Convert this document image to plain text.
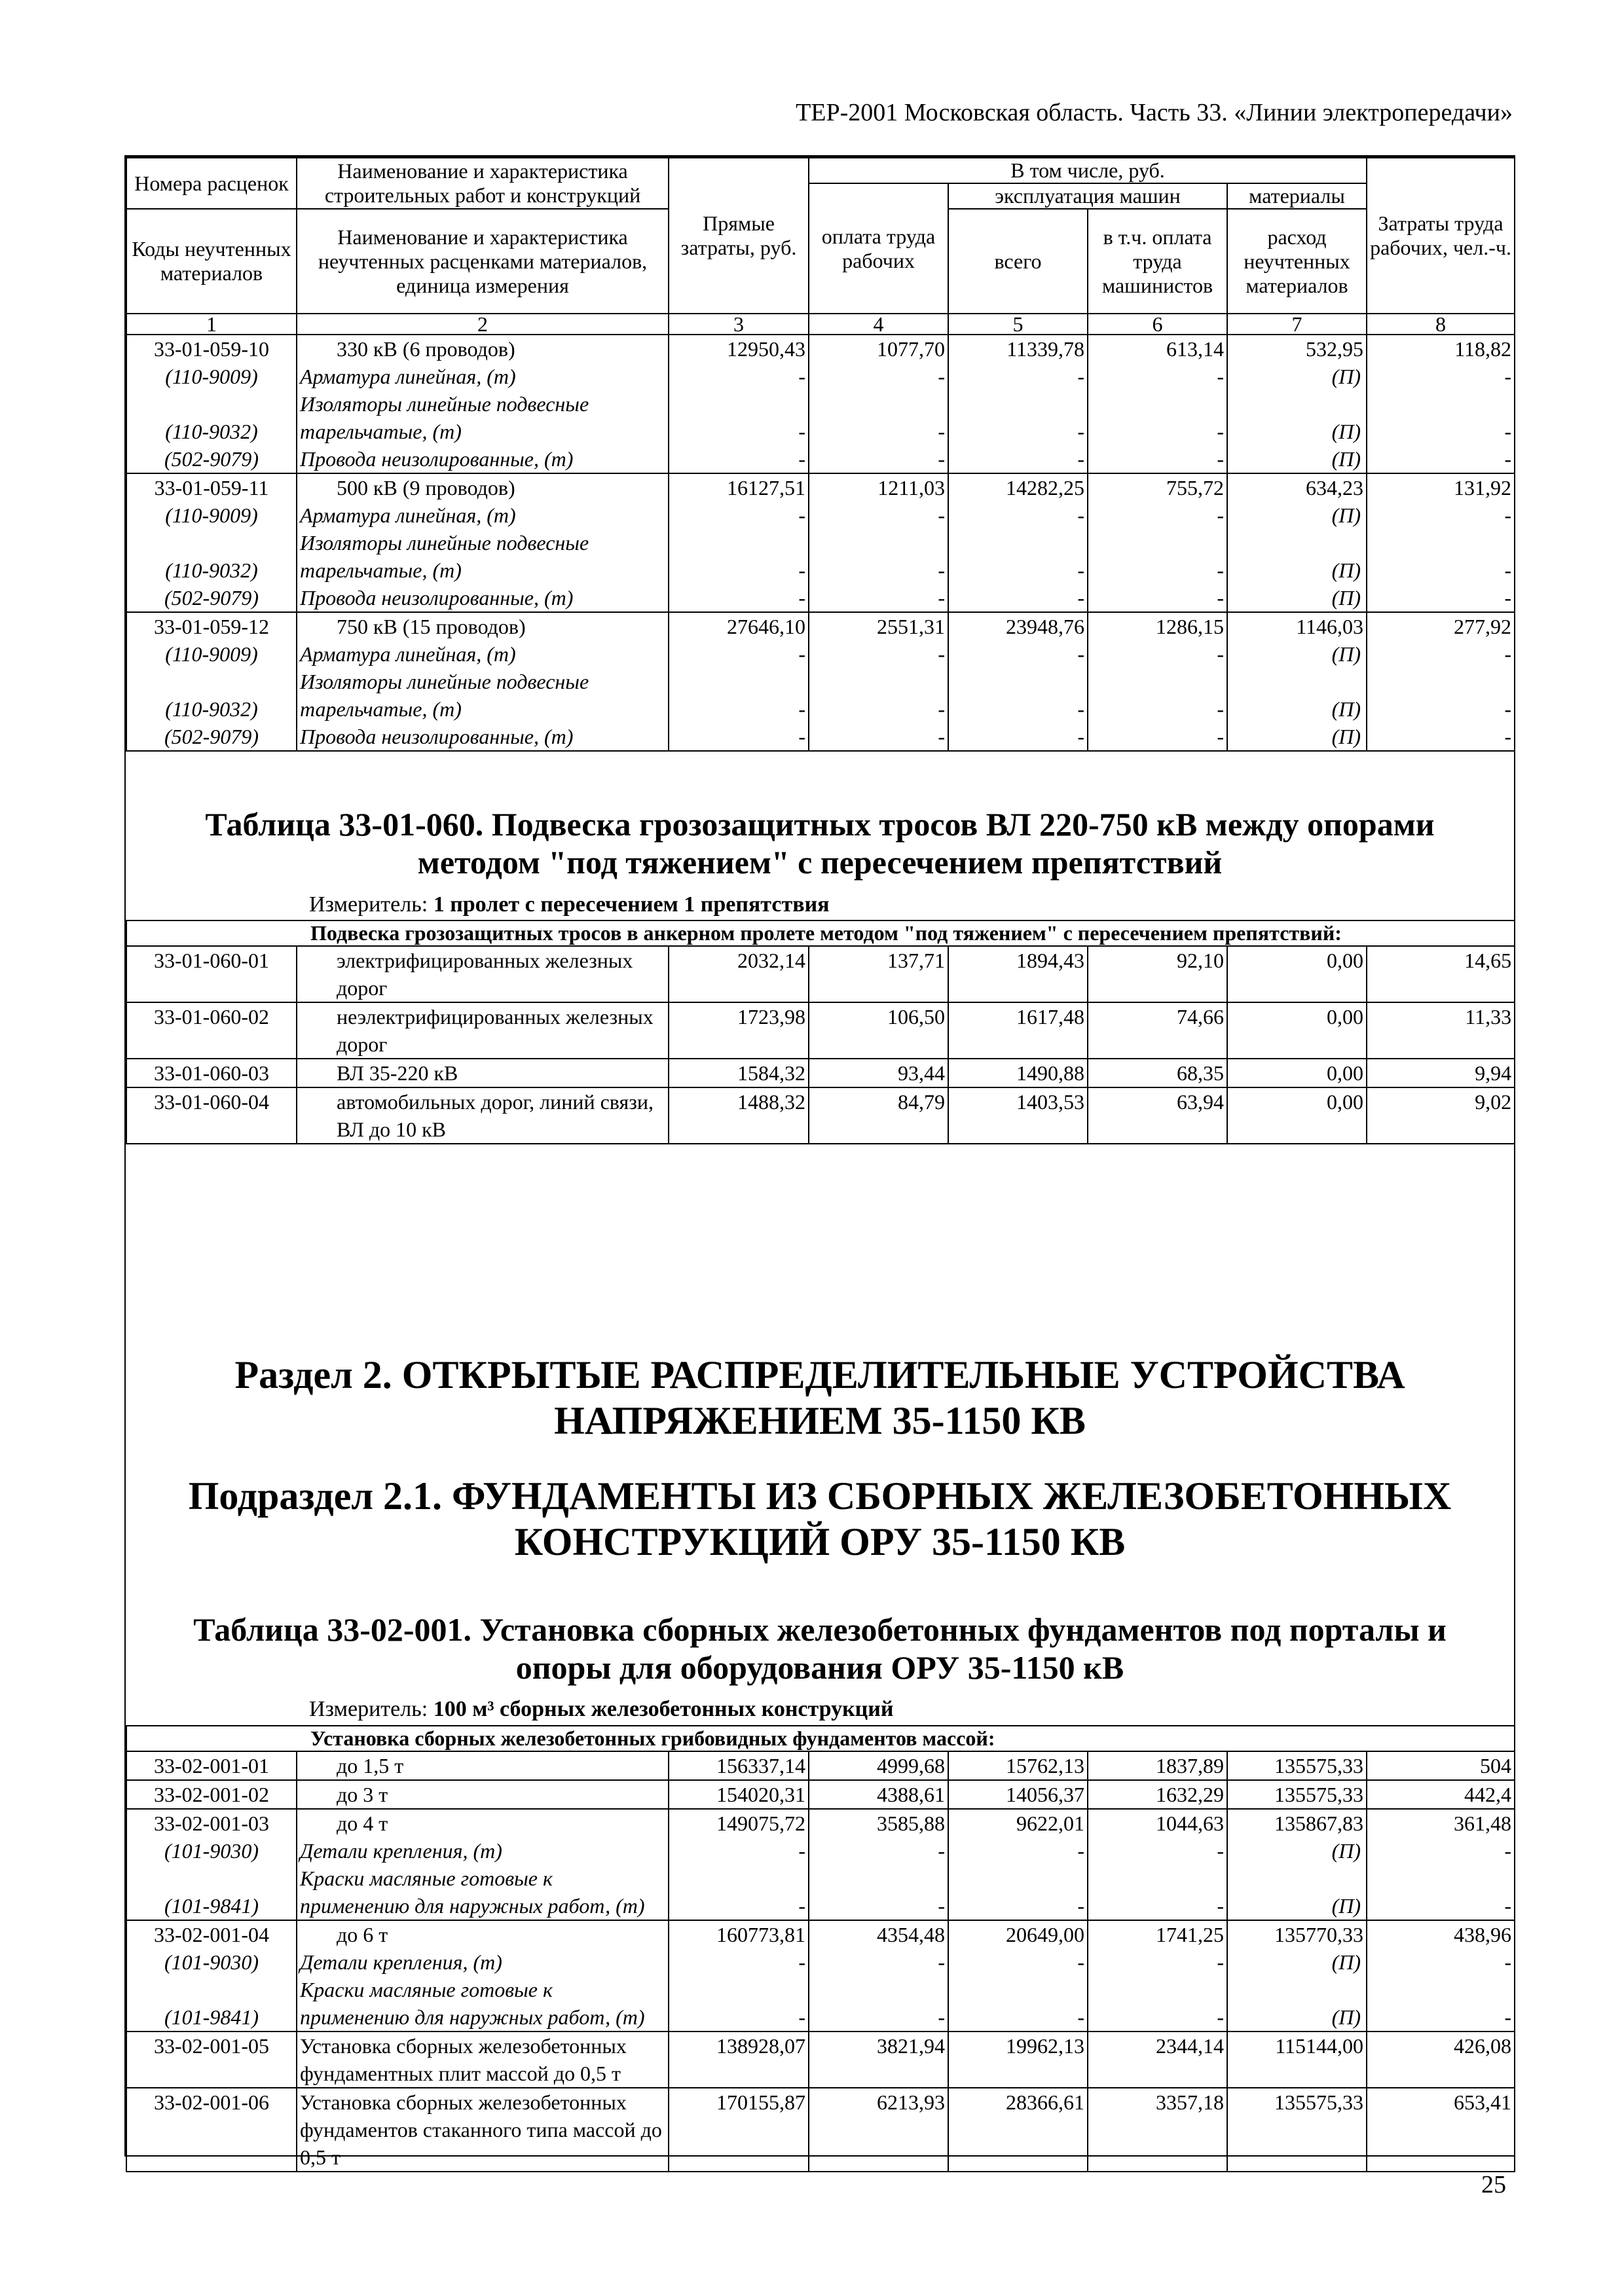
ТЕР-2001 Московская область. Часть 33. «Линии электропередачи»
Номера расценок	Наименование и характеристика строительных работ и конструкций	Прямые затраты, руб.	В том числе, руб.				Затраты труда рабочих, чел.-ч.
			оплата труда рабочих	эксплуатация машин		материалы	
Коды неучтенных материалов	Наименование и характеристика неучтенных расценками материалов, единица измерения			всего	в т.ч. оплата труда машинистов	расход неучтенных материалов	

1	2	3	4	5	6	7	8
33-01-059-10	330 кВ (6 проводов)	12950,43	1077,70	11339,78	613,14	532,95	118,82
(110-9009)	Арматура линейная, (т)	-	-	-	-	(П)	-
(110-9032)	Изоляторы линейные подвесные тарельчатые, (т)	-	-	-	-	(П)	-
(502-9079)	Провода неизолированные, (т)	-	-	-	-	(П)	-
33-01-059-11	500 кВ (9 проводов)	16127,51	1211,03	14282,25	755,72	634,23	131,92
(110-9009)	Арматура линейная, (т)	-	-	-	-	(П)	-
(110-9032)	Изоляторы линейные подвесные тарельчатые, (т)	-	-	-	-	(П)	-
(502-9079)	Провода неизолированные, (т)	-	-	-	-	(П)	-
33-01-059-12	750 кВ (15 проводов)	27646,10	2551,31	23948,76	1286,15	1146,03	277,92
(110-9009)	Арматура линейная, (т)	-	-	-	-	(П)	-
(110-9032)	Изоляторы линейные подвесные тарельчатые, (т)	-	-	-	-	(П)	-
(502-9079)	Провода неизолированные, (т)	-	-	-	-	(П)	-
Таблица 33-01-060. Подвеска грозозащитных тросов ВЛ 220-750 кВ между опорами
методом "под тяжением" с пересечением препятствий
Измеритель: 1 пролет с пересечением 1 препятствия
Подвеска грозозащитных тросов в анкерном пролете методом "под тяжением" с пересечением препятствий:							
33-01-060-01	электрифицированных железных дорог	2032,14	137,71	1894,43	92,10	0,00	14,65
33-01-060-02	неэлектрифицированных железных дорог	1723,98	106,50	1617,48	74,66	0,00	11,33
33-01-060-03	ВЛ 35-220 кВ	1584,32	93,44	1490,88	68,35	0,00	9,94
33-01-060-04	автомобильных дорог, линий связи, ВЛ до 10 кВ	1488,32	84,79	1403,53	63,94	0,00	9,02
Раздел 2. ОТКРЫТЫЕ РАСПРЕДЕЛИТЕЛЬНЫЕ УСТРОЙСТВА
НАПРЯЖЕНИЕМ 35-1150 КВ
Подраздел 2.1. ФУНДАМЕНТЫ ИЗ СБОРНЫХ ЖЕЛЕЗОБЕТОННЫХ
КОНСТРУКЦИЙ ОРУ 35-1150 КВ
Таблица 33-02-001. Установка сборных железобетонных фундаментов под порталы и
опоры для оборудования ОРУ 35-1150 кВ
Измеритель: 100 м³ сборных железобетонных конструкций
Установка сборных железобетонных грибовидных фундаментов массой:							
33-02-001-01	до 1,5 т	156337,14	4999,68	15762,13	1837,89	135575,33	504
33-02-001-02	до 3 т	154020,31	4388,61	14056,37	1632,29	135575,33	442,4
33-02-001-03	до 4 т	149075,72	3585,88	9622,01	1044,63	135867,83	361,48
(101-9030)	Детали крепления, (т)	-	-	-	-	(П)	-
(101-9841)	Краски масляные готовые к применению для наружных работ, (т)	-	-	-	-	(П)	-
33-02-001-04	до 6 т	160773,81	4354,48	20649,00	1741,25	135770,33	438,96
(101-9030)	Детали крепления, (т)	-	-	-	-	(П)	-
(101-9841)	Краски масляные готовые к применению для наружных работ, (т)	-	-	-	-	(П)	-
33-02-001-05	Установка сборных железобетонных фундаментных плит массой до 0,5 т	138928,07	3821,94	19962,13	2344,14	115144,00	426,08
33-02-001-06	Установка сборных железобетонных фундаментов стаканного типа массой до 0,5 т	170155,87	6213,93	28366,61	3357,18	135575,33	653,41
25
